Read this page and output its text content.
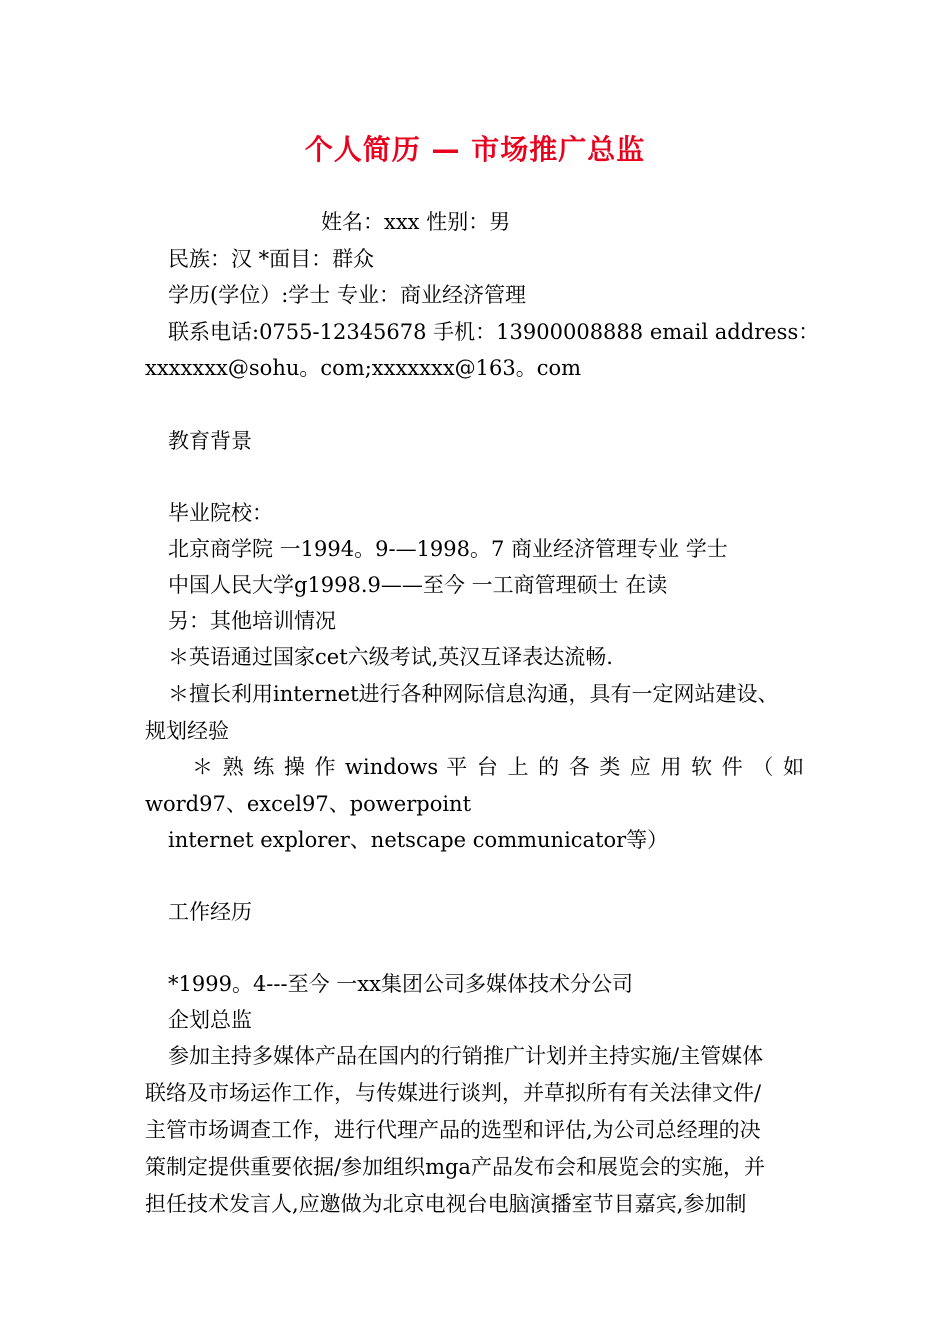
个人简历 — 市场推广总监
姓名：xxx 性别：男
民族：汉 *面目：群众
学历(学位）:学士 专业：商业经济管理
联系电话:0755-12345678 手机：13900008888 email address：
xxxxxxx@sohu。com;xxxxxxx@163。com
教育背景
毕业院校：
北京商学院 一1994。9-—1998。7 商业经济管理专业 学士
中国人民大学g1998.9——至今 一工商管理硕士 在读
另：其他培训情况
＊英语通过国家cet六级考试,英汉互译表达流畅.
＊擅长利用internet进行各种网际信息沟通，具有一定网站建设、
规划经验
＊ 熟 练 操 作 windows 平 台 上 的 各 类 应 用 软 件 （ 如
word97、excel97、powerpoint
internet explorer、netscape communicator等）
工作经历
*1999。4---至今 一xx集团公司多媒体技术分公司
企划总监
参加主持多媒体产品在国内的行销推广计划并主持实施/主管媒体
联络及市场运作工作，与传媒进行谈判，并草拟所有有关法律文件/
主管市场调查工作，进行代理产品的选型和评估,为公司总经理的决
策制定提供重要依据/参加组织mga产品发布会和展览会的实施，并
担任技术发言人,应邀做为北京电视台电脑演播室节目嘉宾,参加制
